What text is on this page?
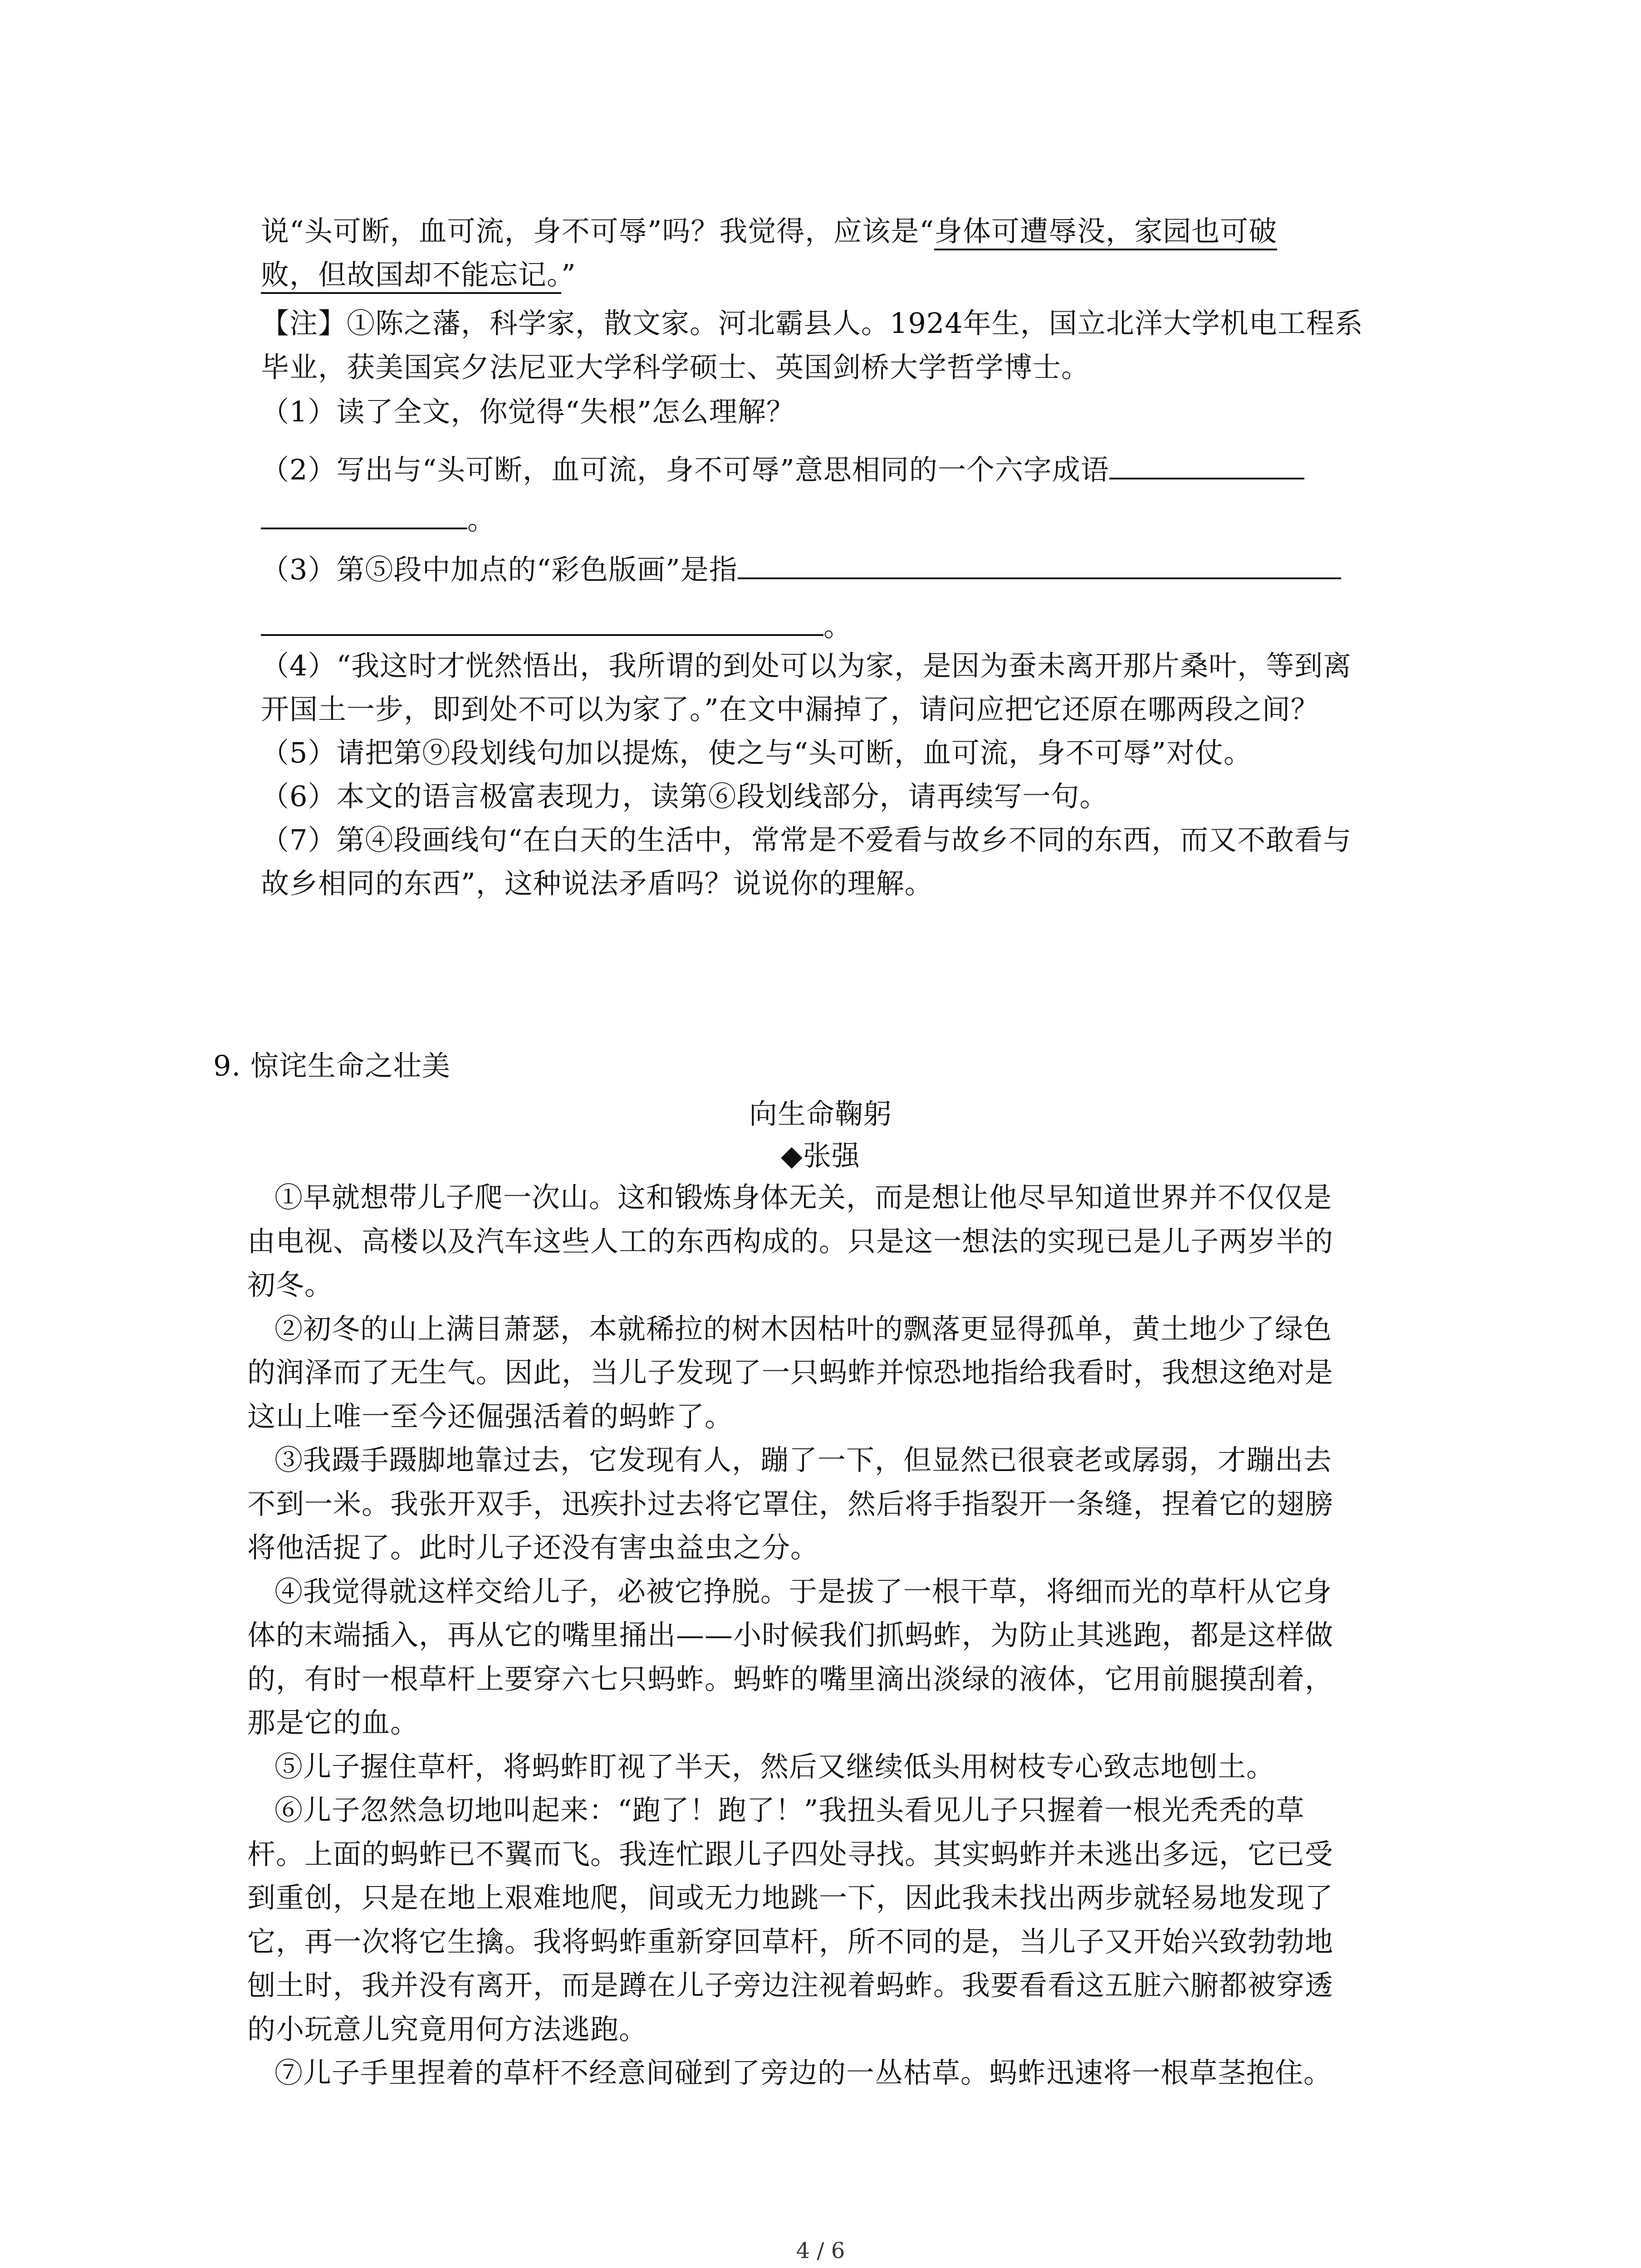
说“头可断，血可流，身不可辱”吗？我觉得，应该是“身体可遭辱没，家园也可破
败，但故国却不能忘记。”
【注】①陈之藩，科学家，散文家。河北霸县人。1924年生，国立北洋大学机电工程系
毕业，获美国宾夕法尼亚大学科学硕士、英国剑桥大学哲学博士。
（1）读了全文，你觉得“失根”怎么理解？
（2）写出与“头可断，血可流，身不可辱”意思相同的一个六字成语
。
（3）第⑤段中加点的“彩色版画”是指
。
（4）“我这时才恍然悟出，我所谓的到处可以为家，是因为蚕未离开那片桑叶，等到离
开国土一步，即到处不可以为家了。”在文中漏掉了，请问应把它还原在哪两段之间？
（5）请把第⑨段划线句加以提炼，使之与“头可断，血可流，身不可辱”对仗。
（6）本文的语言极富表现力，读第⑥段划线部分，请再续写一句。
（7）第④段画线句“在白天的生活中，常常是不爱看与故乡不同的东西，而又不敢看与
故乡相同的东西”，这种说法矛盾吗？说说你的理解。
9. 惊诧生命之壮美
向生命鞠躬
◆张强
①早就想带儿子爬一次山。这和锻炼身体无关，而是想让他尽早知道世界并不仅仅是
由电视、高楼以及汽车这些人工的东西构成的。只是这一想法的实现已是儿子两岁半的
初冬。
②初冬的山上满目萧瑟，本就稀拉的树木因枯叶的飘落更显得孤单，黄土地少了绿色
的润泽而了无生气。因此，当儿子发现了一只蚂蚱并惊恐地指给我看时，我想这绝对是
这山上唯一至今还倔强活着的蚂蚱了。
③我蹑手蹑脚地靠过去，它发现有人，蹦了一下，但显然已很衰老或孱弱，才蹦出去
不到一米。我张开双手，迅疾扑过去将它罩住，然后将手指裂开一条缝，捏着它的翅膀
将他活捉了。此时儿子还没有害虫益虫之分。
④我觉得就这样交给儿子，必被它挣脱。于是拔了一根干草，将细而光的草杆从它身
体的末端插入，再从它的嘴里捅出——小时候我们抓蚂蚱，为防止其逃跑，都是这样做
的，有时一根草杆上要穿六七只蚂蚱。蚂蚱的嘴里滴出淡绿的液体，它用前腿摸刮着，
那是它的血。
⑤儿子握住草杆，将蚂蚱盯视了半天，然后又继续低头用树枝专心致志地刨土。
⑥儿子忽然急切地叫起来：“跑了！跑了！”我扭头看见儿子只握着一根光秃秃的草
杆。上面的蚂蚱已不翼而飞。我连忙跟儿子四处寻找。其实蚂蚱并未逃出多远，它已受
到重创，只是在地上艰难地爬，间或无力地跳一下，因此我未找出两步就轻易地发现了
它，再一次将它生擒。我将蚂蚱重新穿回草杆，所不同的是，当儿子又开始兴致勃勃地
刨土时，我并没有离开，而是蹲在儿子旁边注视着蚂蚱。我要看看这五脏六腑都被穿透
的小玩意儿究竟用何方法逃跑。
⑦儿子手里捏着的草杆不经意间碰到了旁边的一丛枯草。蚂蚱迅速将一根草茎抱住。
4 / 6
